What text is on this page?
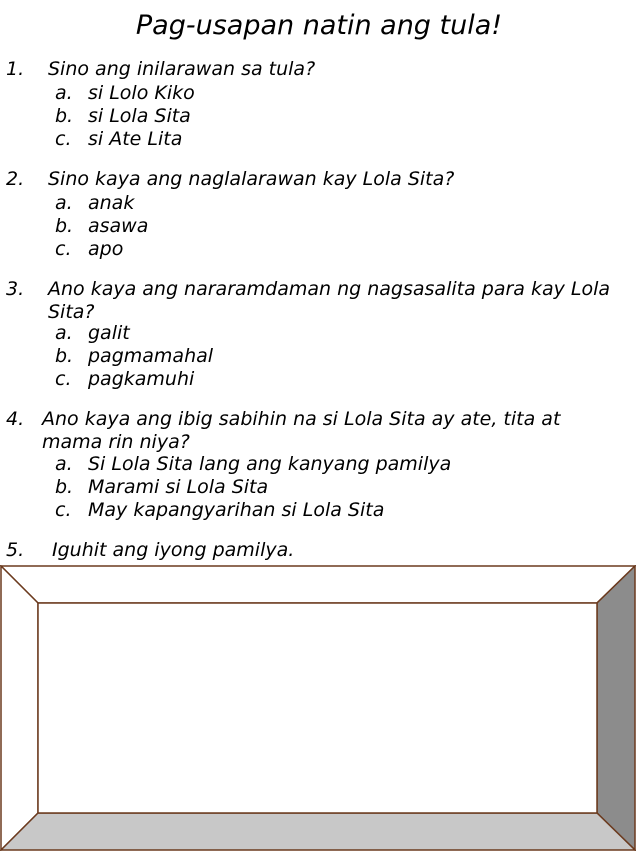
Pag-usapan natin ang tula!
1. Sino ang inilarawan sa tula?
a. si Lolo Kiko
b. si Lola Sita
c. si Ate Lita
2. Sino kaya ang naglalarawan kay Lola Sita?
a. anak
b. asawa
c. apo
3. Ano kaya ang nararamdaman ng nagsasalita para kay Lola Sita?
a. galit
b. pagmamahal
c. pagkamuhi
4. Ano kaya ang ibig sabihin na si Lola Sita ay ate, tita at mama rin niya?
a. Si Lola Sita lang ang kanyang pamilya
b. Marami si Lola Sita
c. May kapangyarihan si Lola Sita
5. Iguhit ang iyong pamilya.
